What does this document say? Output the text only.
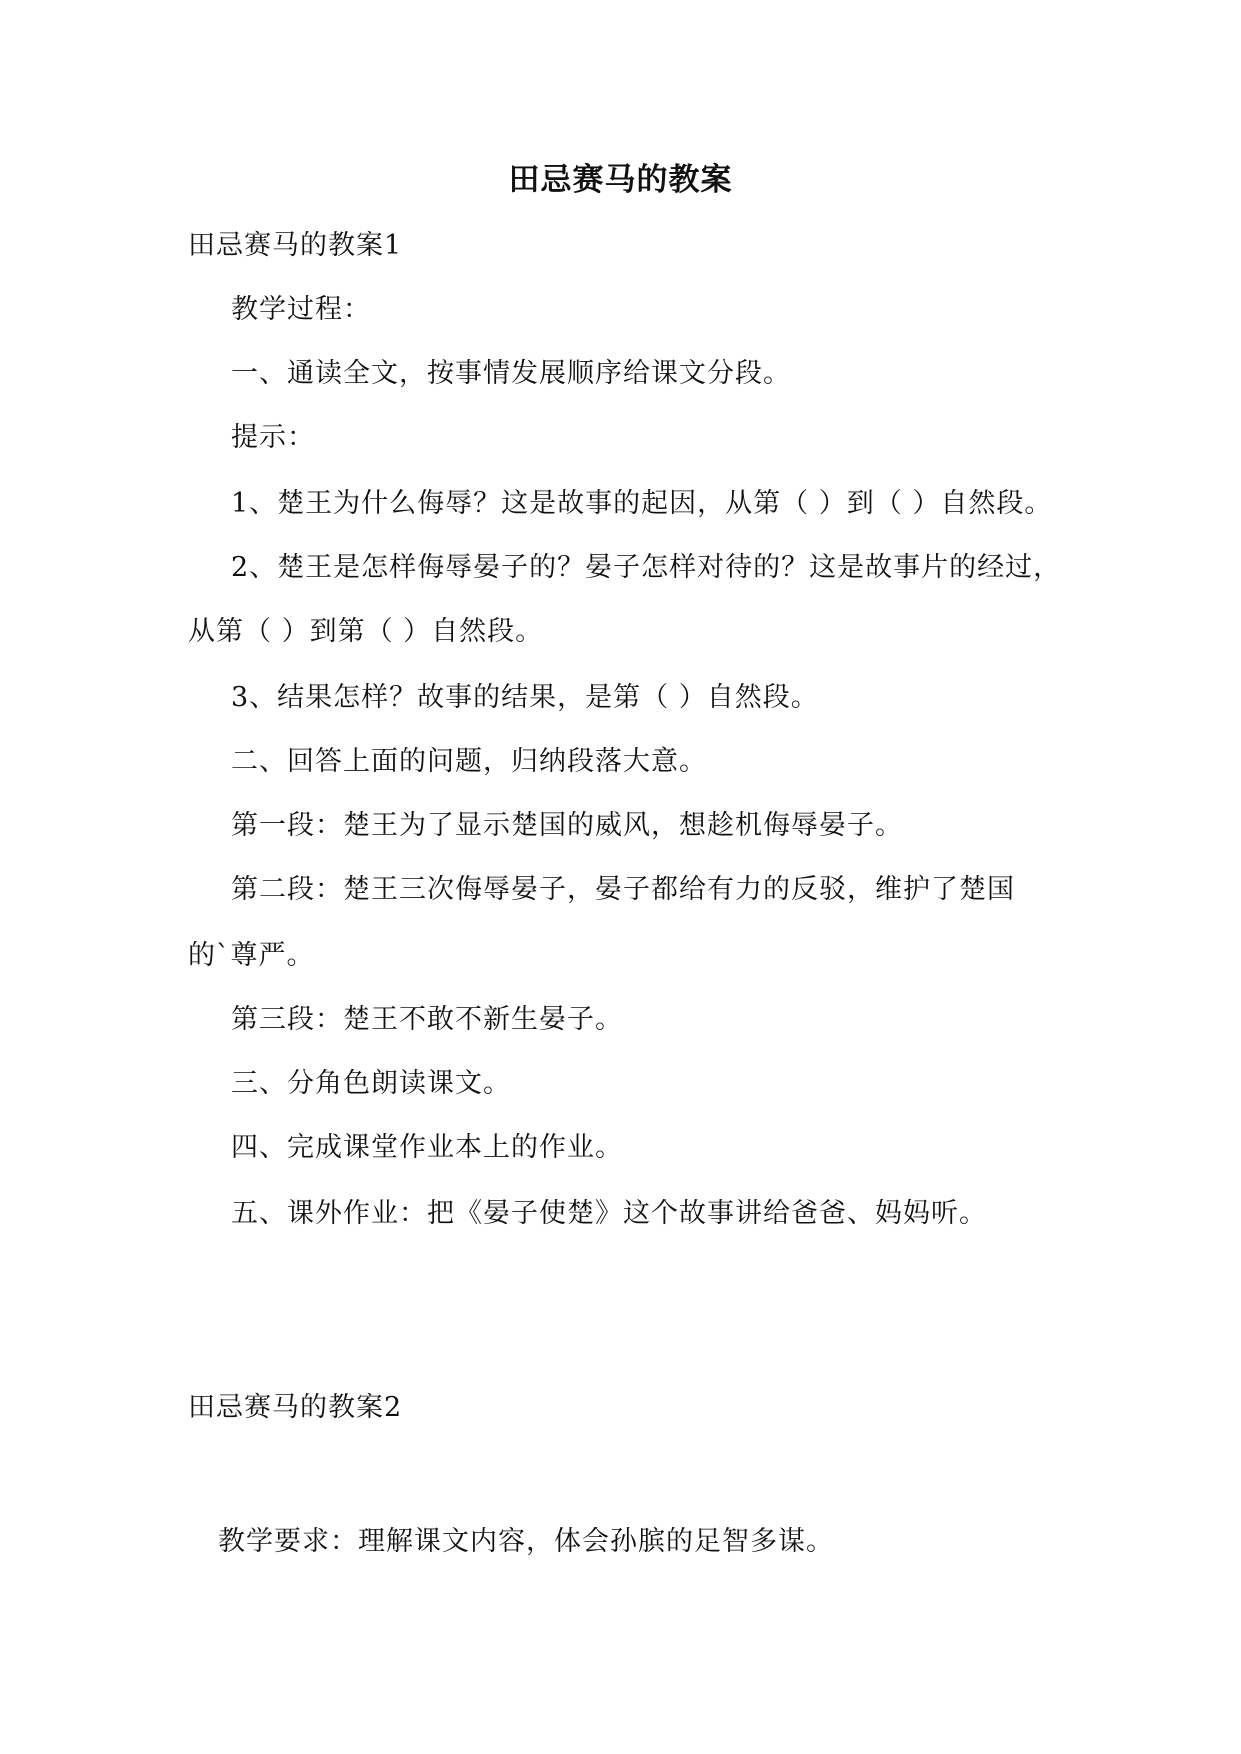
田忌赛马的教案
田忌赛马的教案1
教学过程：
一、通读全文，按事情发展顺序给课文分段。
提示：
1、楚王为什么侮辱？这是故事的起因，从第（ ）到（ ）自然段。
2、楚王是怎样侮辱晏子的？晏子怎样对待的？这是故事片的经过，
从第（ ）到第（ ）自然段。
3、结果怎样？故事的结果，是第（ ）自然段。
二、回答上面的问题，归纳段落大意。
第一段：楚王为了显示楚国的威风，想趁机侮辱晏子。
第二段：楚王三次侮辱晏子，晏子都给有力的反驳，维护了楚国
的`尊严。
第三段：楚王不敢不新生晏子。
三、分角色朗读课文。
四、完成课堂作业本上的作业。
五、课外作业：把《晏子使楚》这个故事讲给爸爸、妈妈听。
田忌赛马的教案2
教学要求：理解课文内容，体会孙膑的足智多谋。
